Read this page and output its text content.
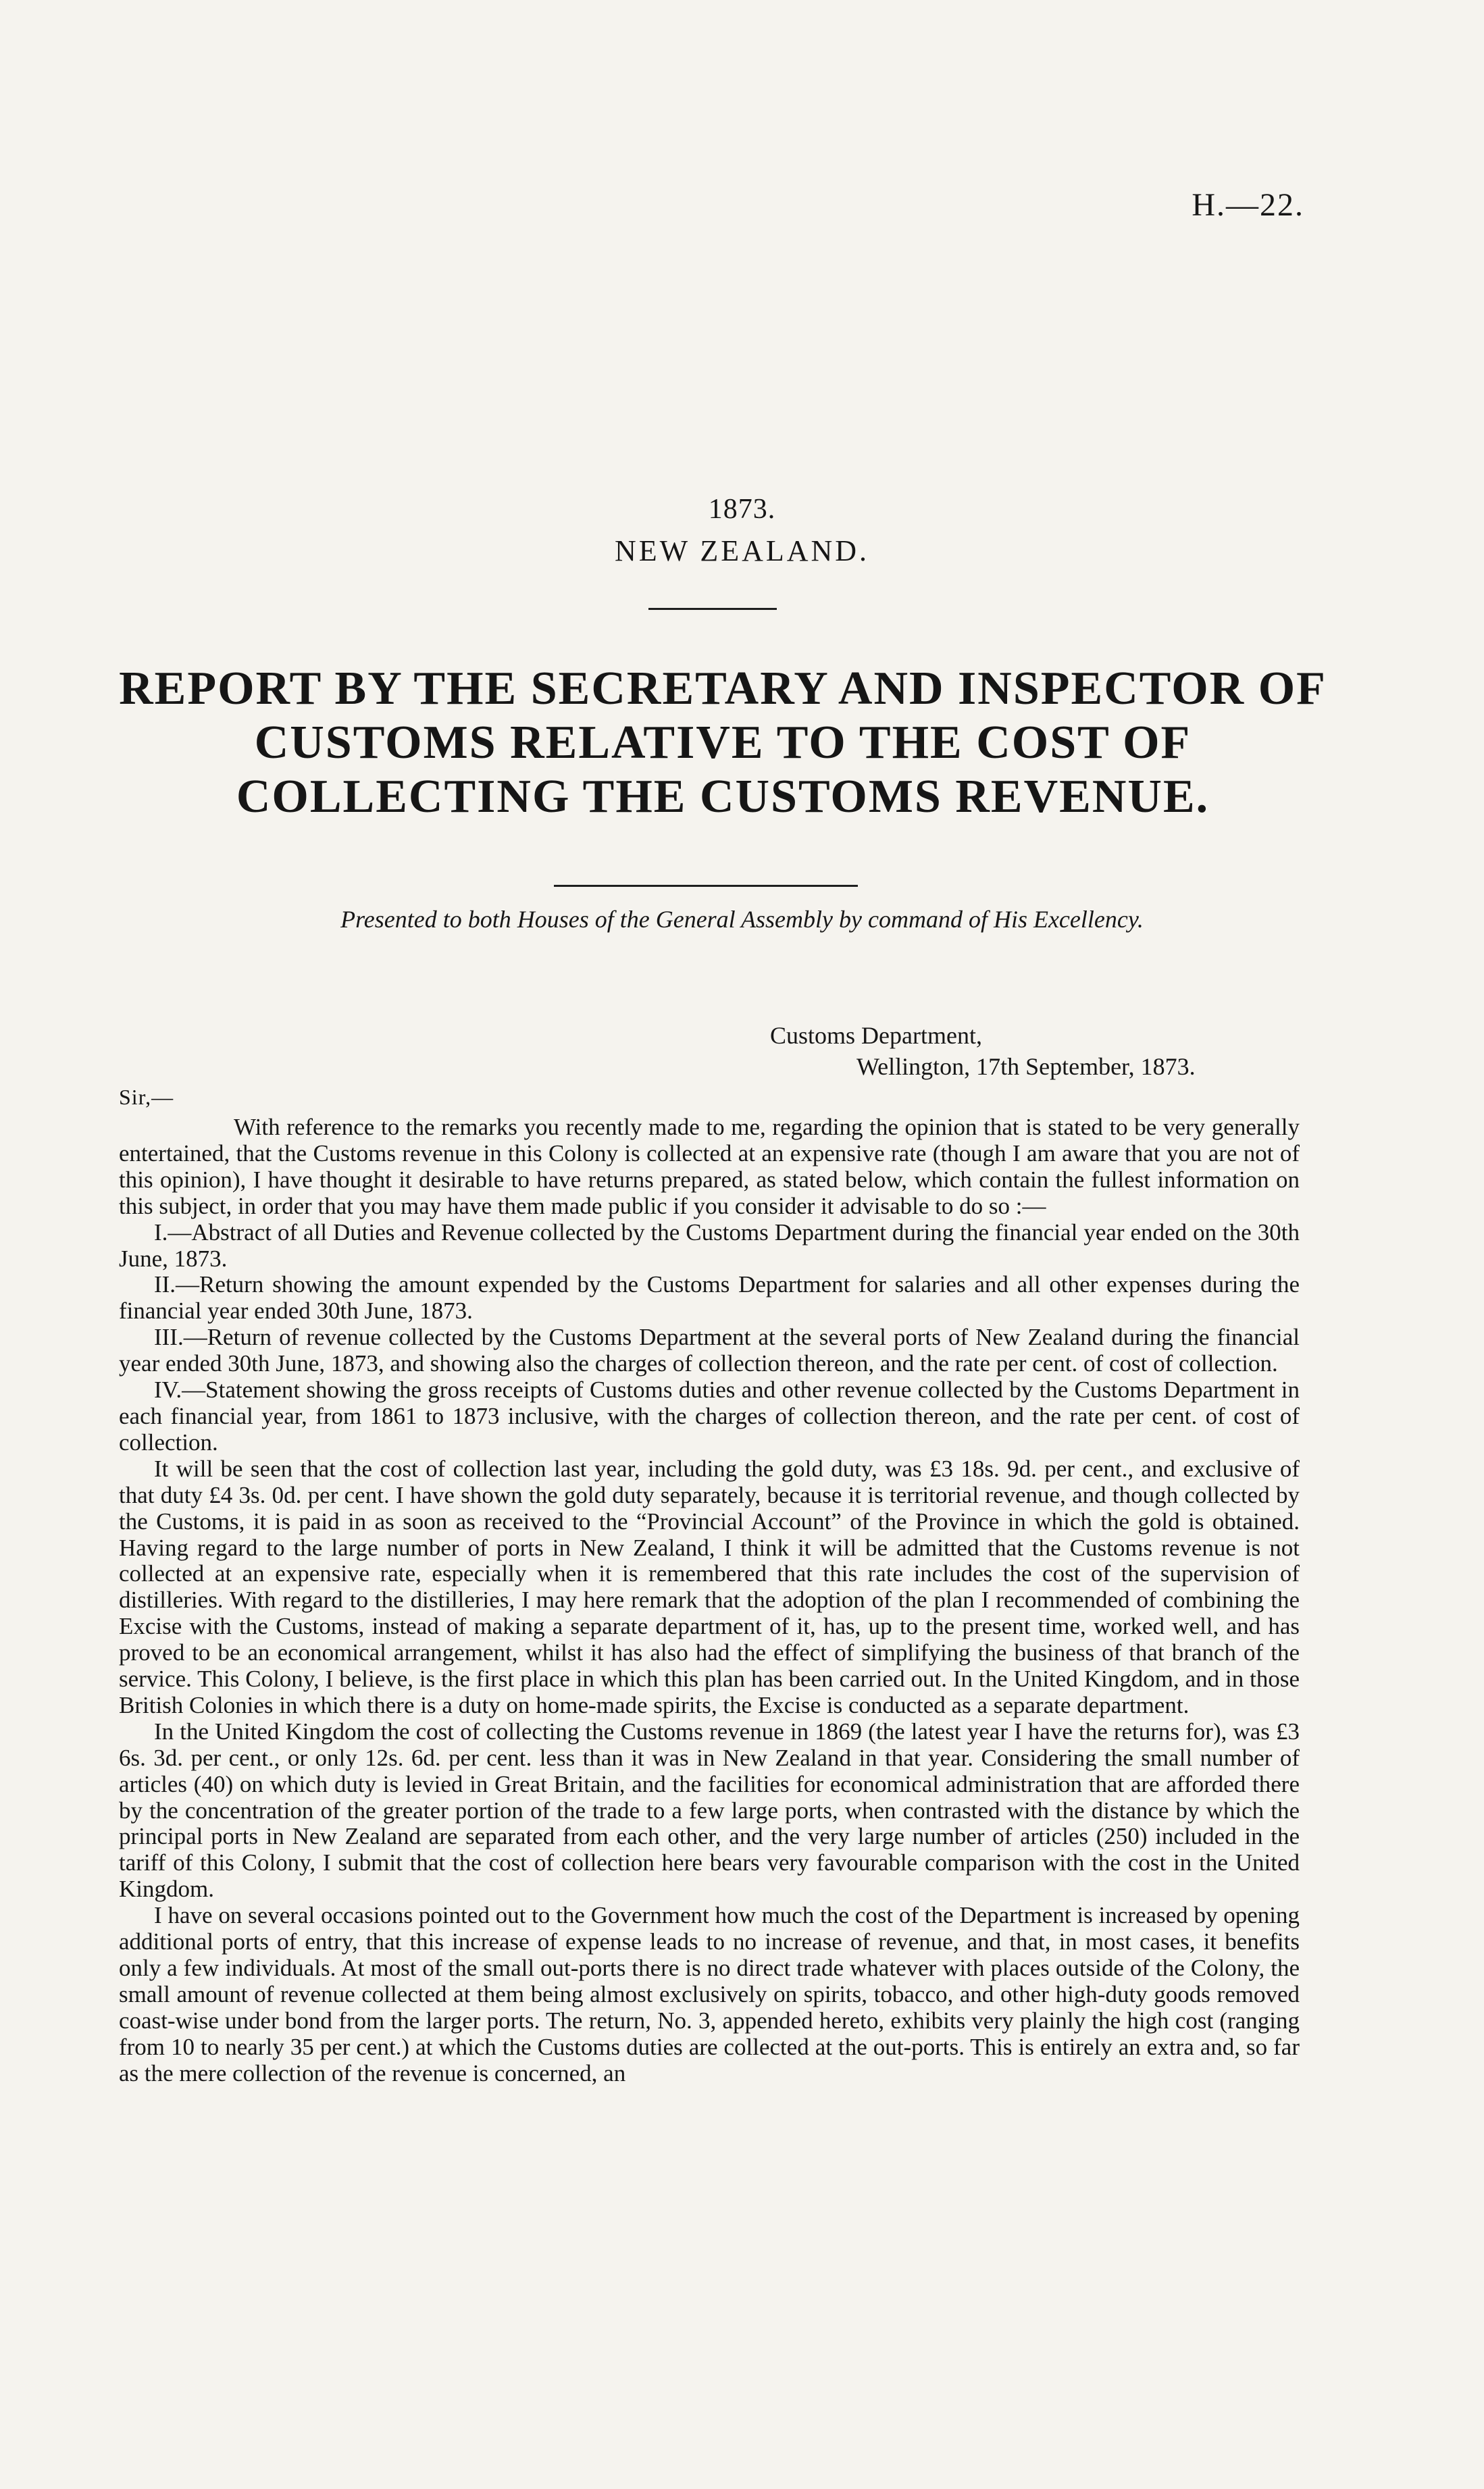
H.—22.
1873.
NEW ZEALAND.
REPORT BY THE SECRETARY AND INSPECTOR OF CUSTOMS RELATIVE TO THE COST OF COLLECTING THE CUSTOMS REVENUE.
Presented to both Houses of the General Assembly by command of His Excellency.
Customs Department,
Wellington, 17th September, 1873.
Sir,—

With reference to the remarks you recently made to me, regarding the opinion that is stated to be very generally entertained, that the Customs revenue in this Colony is collected at an expensive rate (though I am aware that you are not of this opinion), I have thought it desirable to have returns prepared, as stated below, which contain the fullest information on this subject, in order that you may have them made public if you consider it advisable to do so :—

I.—Abstract of all Duties and Revenue collected by the Customs Department during the financial year ended on the 30th June, 1873.

II.—Return showing the amount expended by the Customs Department for salaries and all other expenses during the financial year ended 30th June, 1873.

III.—Return of revenue collected by the Customs Department at the several ports of New Zealand during the financial year ended 30th June, 1873, and showing also the charges of collection thereon, and the rate per cent. of cost of collection.

IV.—Statement showing the gross receipts of Customs duties and other revenue collected by the Customs Department in each financial year, from 1861 to 1873 inclusive, with the charges of collection thereon, and the rate per cent. of cost of collection.

It will be seen that the cost of collection last year, including the gold duty, was £3 18s. 9d. per cent., and exclusive of that duty £4 3s. 0d. per cent. I have shown the gold duty separately, because it is territorial revenue, and though collected by the Customs, it is paid in as soon as received to the “Provincial Account” of the Province in which the gold is obtained. Having regard to the large number of ports in New Zealand, I think it will be admitted that the Customs revenue is not collected at an expensive rate, especially when it is remembered that this rate includes the cost of the supervision of distilleries. With regard to the distilleries, I may here remark that the adoption of the plan I recommended of combining the Excise with the Customs, instead of making a separate department of it, has, up to the present time, worked well, and has proved to be an economical arrangement, whilst it has also had the effect of simplifying the business of that branch of the service. This Colony, I believe, is the first place in which this plan has been carried out. In the United Kingdom, and in those British Colonies in which there is a duty on home-made spirits, the Excise is conducted as a separate department.

In the United Kingdom the cost of collecting the Customs revenue in 1869 (the latest year I have the returns for), was £3 6s. 3d. per cent., or only 12s. 6d. per cent. less than it was in New Zealand in that year. Considering the small number of articles (40) on which duty is levied in Great Britain, and the facilities for economical administration that are afforded there by the concentration of the greater portion of the trade to a few large ports, when contrasted with the distance by which the principal ports in New Zealand are separated from each other, and the very large number of articles (250) included in the tariff of this Colony, I submit that the cost of collection here bears very favourable comparison with the cost in the United Kingdom.

I have on several occasions pointed out to the Government how much the cost of the Department is increased by opening additional ports of entry, that this increase of expense leads to no increase of revenue, and that, in most cases, it benefits only a few individuals. At most of the small out-ports there is no direct trade whatever with places outside of the Colony, the small amount of revenue collected at them being almost exclusively on spirits, tobacco, and other high-duty goods removed coast-wise under bond from the larger ports. The return, No. 3, appended hereto, exhibits very plainly the high cost (ranging from 10 to nearly 35 per cent.) at which the Customs duties are collected at the out-ports. This is entirely an extra and, so far as the mere collection of the revenue is concerned, an
